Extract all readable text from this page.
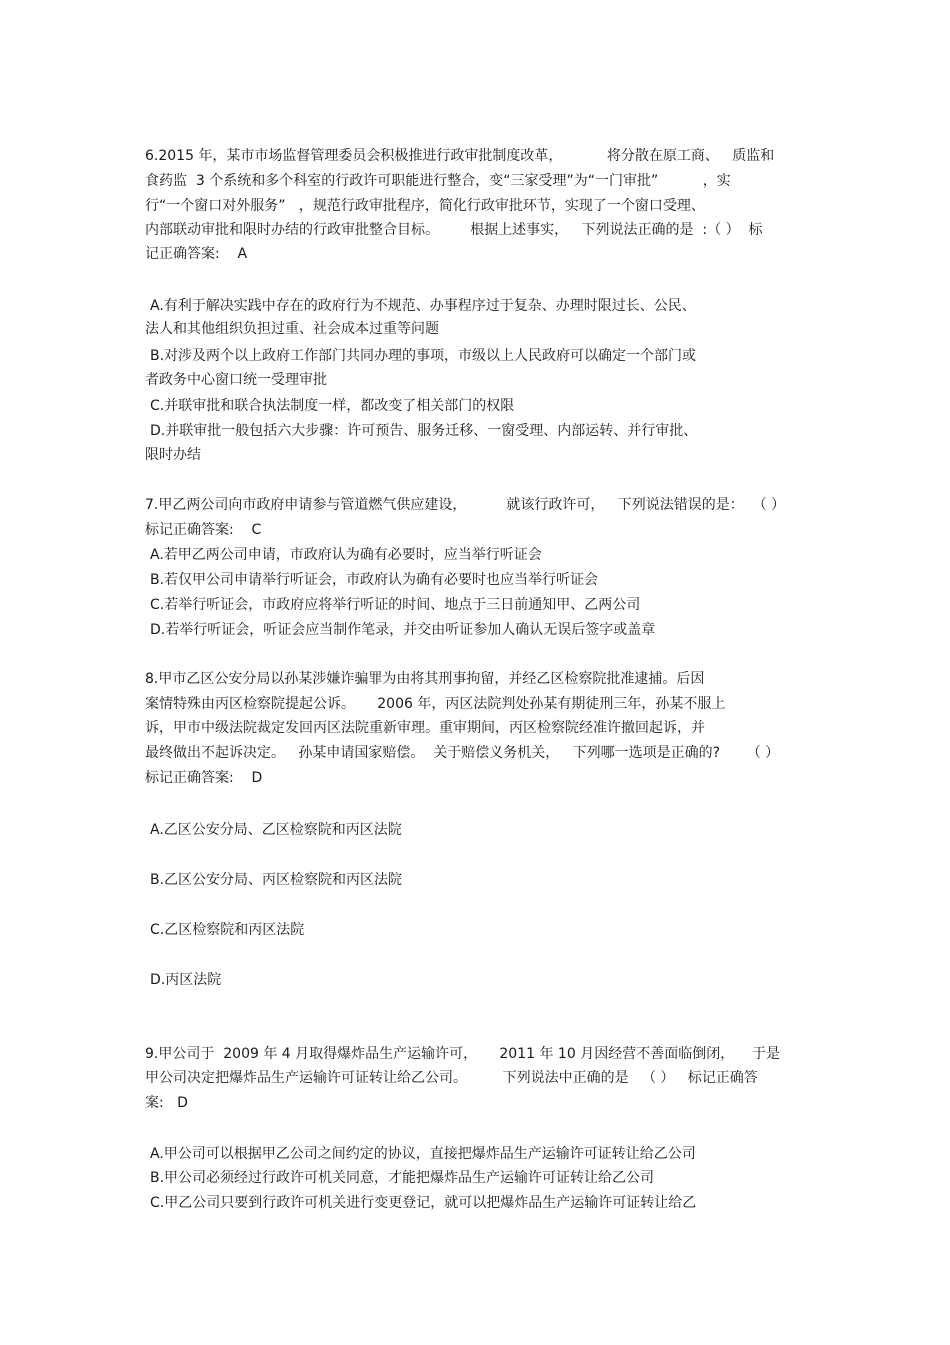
6.2015 年，某市市场监督管理委员会积极推进行政审批制度改革，          将分散在原工商、   质监和
食药监  3 个系统和多个科室的行政许可职能进行整合，变“三家受理”为“一门审批”          ，实
行“一个窗口对外服务”   ，规范行政审批程序，简化行政审批环节，实现了一个窗口受理、
内部联动审批和限时办结的行政审批整合目标。       根据上述事实，   下列说法正确的是  :（ ）  标
记正确答案:    A
A.有利于解决实践中存在的政府行为不规范、办事程序过于复杂、办理时限过长、公民、
法人和其他组织负担过重、社会成本过重等问题
B.对涉及两个以上政府工作部门共同办理的事项，市级以上人民政府可以确定一个部门或
者政务中心窗口统一受理审批
C.并联审批和联合执法制度一样，都改变了相关部门的权限
D.并联审批一般包括六大步骤：许可预告、服务迁移、一窗受理、内部运转、并行审批、
限时办结
7.甲乙两公司向市政府申请参与管道燃气供应建设，         就该行政许可，   下列说法错误的是：  （ ）
标记正确答案:    C
A.若甲乙两公司申请，市政府认为确有必要时，应当举行听证会
B.若仅甲公司申请举行听证会，市政府认为确有必要时也应当举行听证会
C.若举行听证会，市政府应将举行听证的时间、地点于三日前通知甲、乙两公司
D.若举行听证会，听证会应当制作笔录，并交由听证参加人确认无误后签字或盖章
8.甲市乙区公安分局以孙某涉嫌诈骗罪为由将其刑事拘留，并经乙区检察院批准逮捕。后因
案情特殊由丙区检察院提起公诉。     2006 年，丙区法院判处孙某有期徒刑三年，孙某不服上
诉，甲市中级法院裁定发回丙区法院重新审理。重审期间，丙区检察院经准许撤回起诉，并
最终做出不起诉决定。   孙某申请国家赔偿。  关于赔偿义务机关，   下列哪一选项是正确的?      （ ）
标记正确答案:    D
A.乙区公安分局、乙区检察院和丙区法院
B.乙区公安分局、丙区检察院和丙区法院
C.乙区检察院和丙区法院
D.丙区法院
9.甲公司于  2009 年 4 月取得爆炸品生产运输许可，     2011 年 10 月因经营不善面临倒闭，    于是
甲公司决定把爆炸品生产运输许可证转让给乙公司。        下列说法中正确的是   （ ）   标记正确答
案:   D
A.甲公司可以根据甲乙公司之间约定的协议，直接把爆炸品生产运输许可证转让给乙公司
B.甲公司必须经过行政许可机关同意，才能把爆炸品生产运输许可证转让给乙公司
C.甲乙公司只要到行政许可机关进行变更登记，就可以把爆炸品生产运输许可证转让给乙
